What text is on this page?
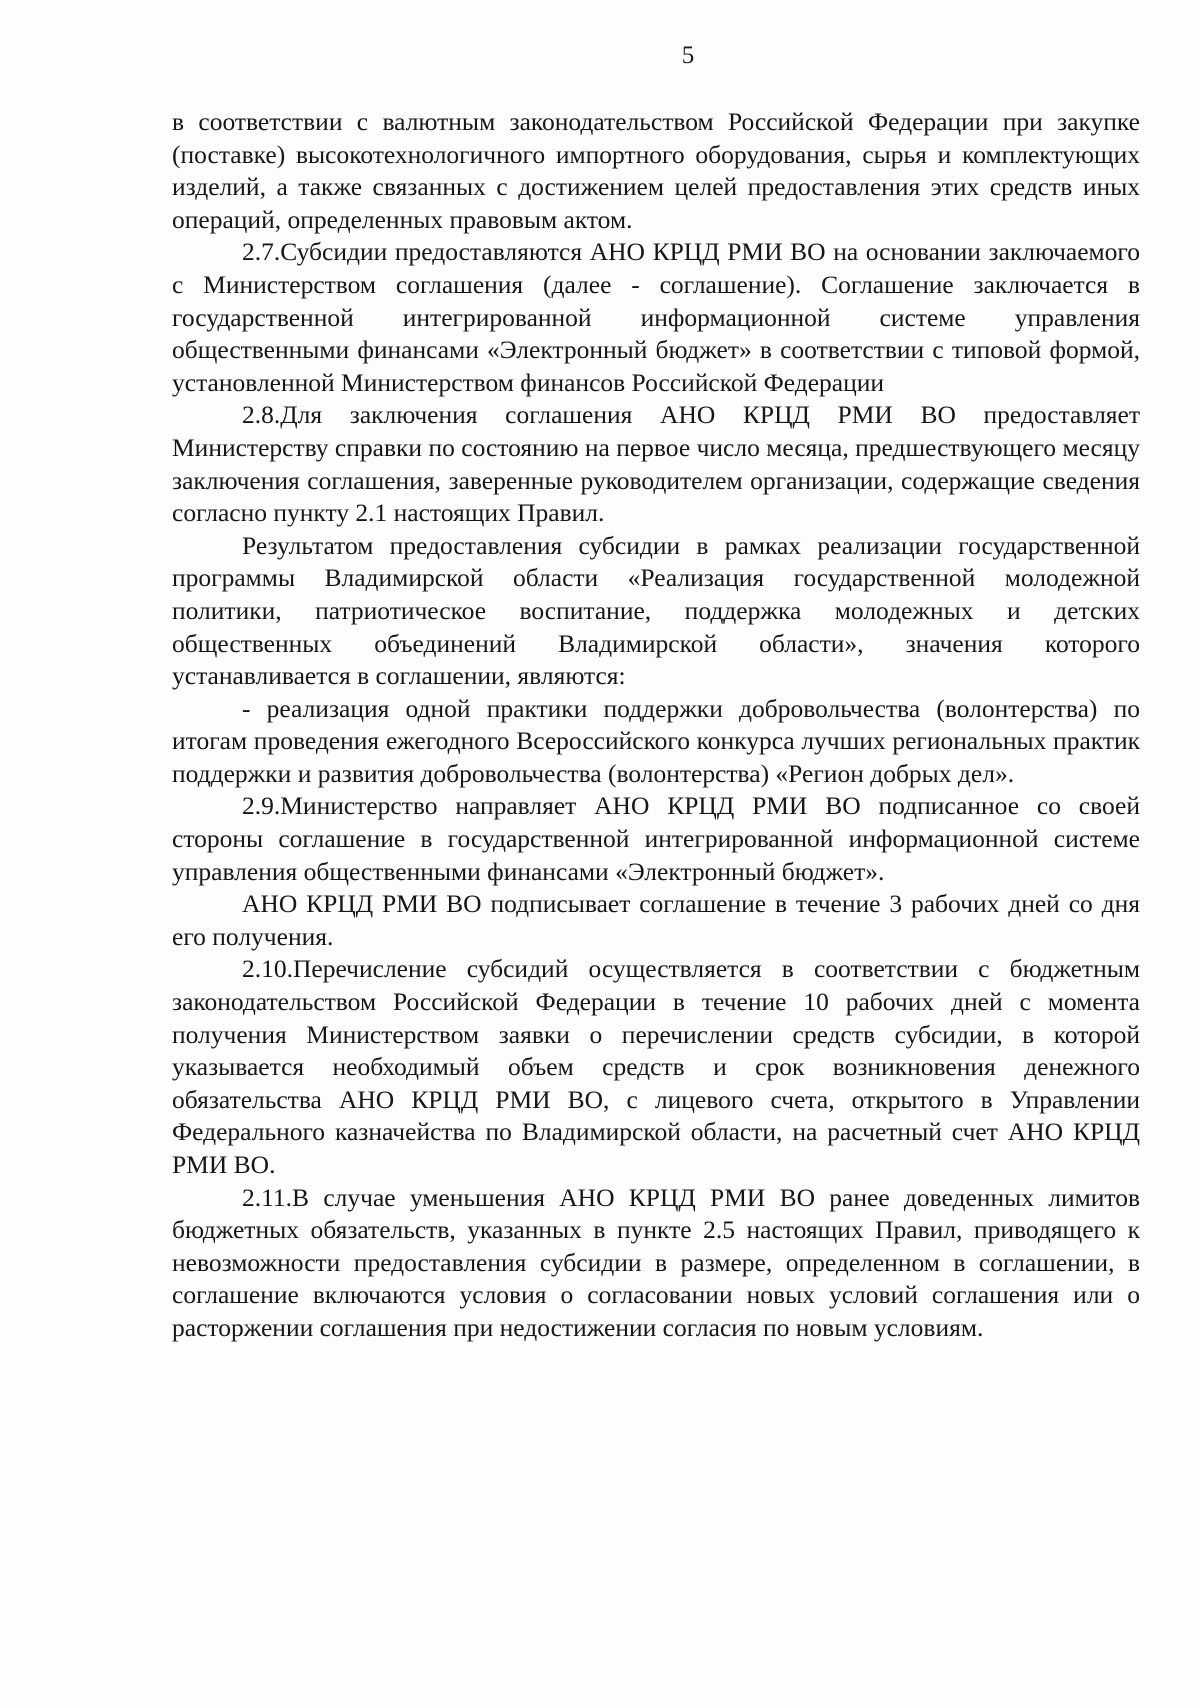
5

в соответствии с валютным законодательством Российской Федерации при закупке (поставке) высокотехнологичного импортного оборудования, сырья и комплектующих изделий, а также связанных с достижением целей предоставления этих средств иных операций, определенных правовым актом.

2.7.Субсидии предоставляются АНО КРЦД РМИ ВО на основании заключаемого с Министерством соглашения (далее - соглашение). Соглашение заключается в государственной интегрированной информационной системе управления общественными финансами «Электронный бюджет» в соответствии с типовой формой, установленной Министерством финансов Российской Федерации

2.8.Для заключения соглашения АНО КРЦД РМИ ВО предоставляет Министерству справки по состоянию на первое число месяца, предшествующего месяцу заключения соглашения, заверенные руководителем организации, содержащие сведения согласно пункту 2.1 настоящих Правил.

Результатом предоставления субсидии в рамках реализации государственной программы Владимирской области «Реализация государственной молодежной политики, патриотическое воспитание, поддержка молодежных и детских общественных объединений Владимирской области», значения которого устанавливается в соглашении, являются:

- реализация одной практики поддержки добровольчества (волонтерства) по итогам проведения ежегодного Всероссийского конкурса лучших региональных практик поддержки и развития добровольчества (волонтерства) «Регион добрых дел».

2.9.Министерство направляет АНО КРЦД РМИ ВО подписанное со своей стороны соглашение в государственной интегрированной информационной системе управления общественными финансами «Электронный бюджет».

АНО КРЦД РМИ ВО подписывает соглашение в течение 3 рабочих дней со дня его получения.

2.10.Перечисление субсидий осуществляется в соответствии с бюджетным законодательством Российской Федерации в течение 10 рабочих дней с момента получения Министерством заявки о перечислении средств субсидии, в которой указывается необходимый объем средств и срок возникновения денежного обязательства АНО КРЦД РМИ ВО, с лицевого счета, открытого в Управлении Федерального казначейства по Владимирской области, на расчетный счет АНО КРЦД РМИ ВО.

2.11.В случае уменьшения АНО КРЦД РМИ ВО ранее доведенных лимитов бюджетных обязательств, указанных в пункте 2.5 настоящих Правил, приводящего к невозможности предоставления субсидии в размере, определенном в соглашении, в соглашение включаются условия о согласовании новых условий соглашения или о расторжении соглашения при недостижении согласия по новым условиям.
